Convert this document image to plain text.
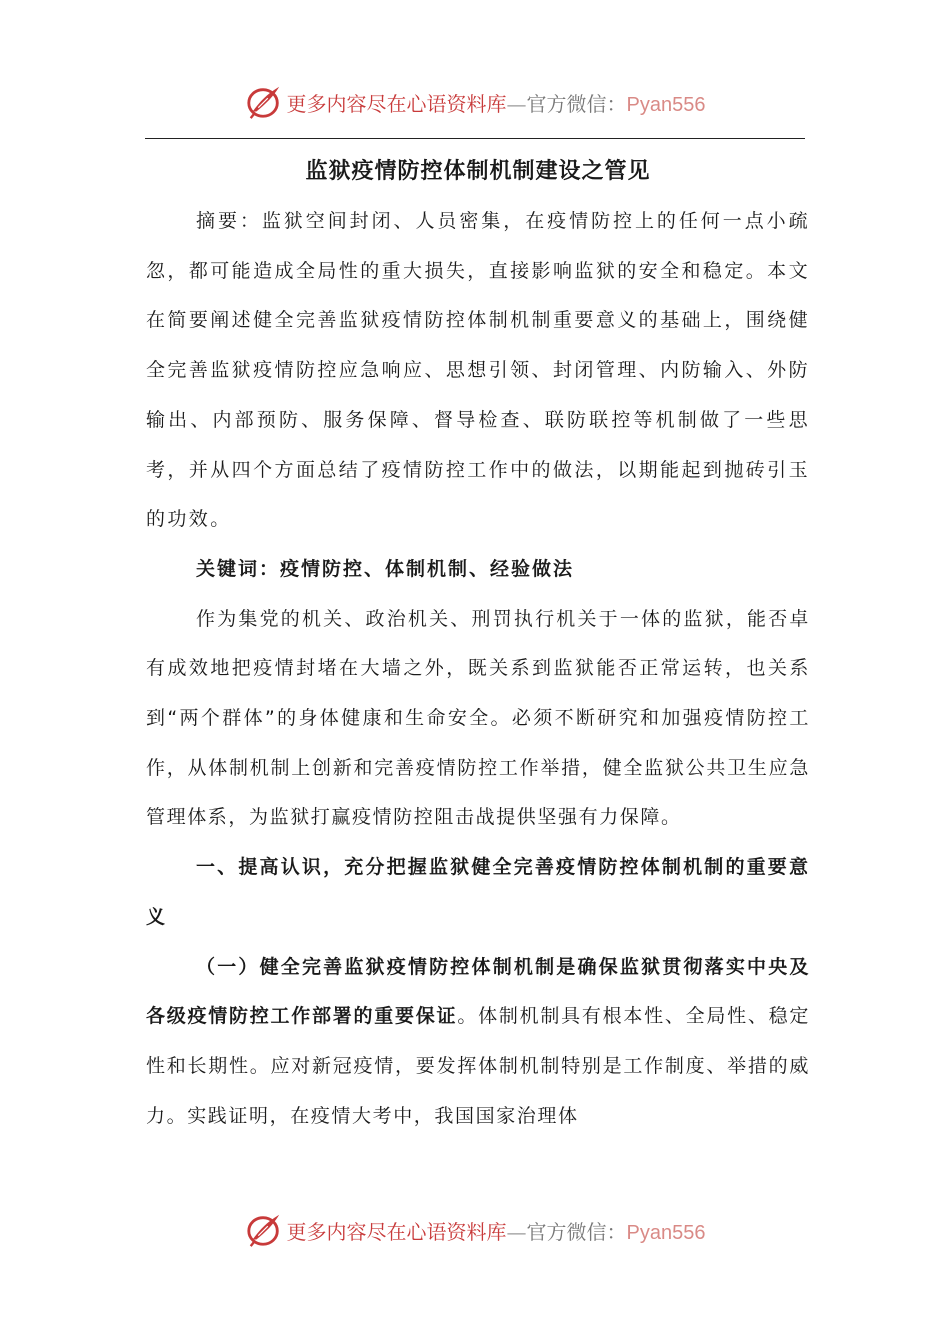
更多内容尽在心语资料库—官方微信：Pyan556
监狱疫情防控体制机制建设之管见

摘要：监狱空间封闭、人员密集，在疫情防控上的任何一点小疏忽，都可能造成全局性的重大损失，直接影响监狱的安全和稳定。本文在简要阐述健全完善监狱疫情防控体制机制重要意义的基础上，围绕健全完善监狱疫情防控应急响应、思想引领、封闭管理、内防输入、外防输出、内部预防、服务保障、督导检查、联防联控等机制做了一些思考，并从四个方面总结了疫情防控工作中的做法，以期能起到抛砖引玉的功效。

关键词：疫情防控、体制机制、经验做法

作为集党的机关、政治机关、刑罚执行机关于一体的监狱，能否卓有成效地把疫情封堵在大墙之外，既关系到监狱能否正常运转，也关系到“两个群体”的身体健康和生命安全。必须不断研究和加强疫情防控工作，从体制机制上创新和完善疫情防控工作举措，健全监狱公共卫生应急管理体系，为监狱打赢疫情防控阻击战提供坚强有力保障。

一、提高认识，充分把握监狱健全完善疫情防控体制机制的重要意义

（一）健全完善监狱疫情防控体制机制是确保监狱贯彻落实中央及各级疫情防控工作部署的重要保证。体制机制具有根本性、全局性、稳定性和长期性。应对新冠疫情，要发挥体制机制特别是工作制度、举措的威力。实践证明，在疫情大考中，我国国家治理体

更多内容尽在心语资料库—官方微信：Pyan556
